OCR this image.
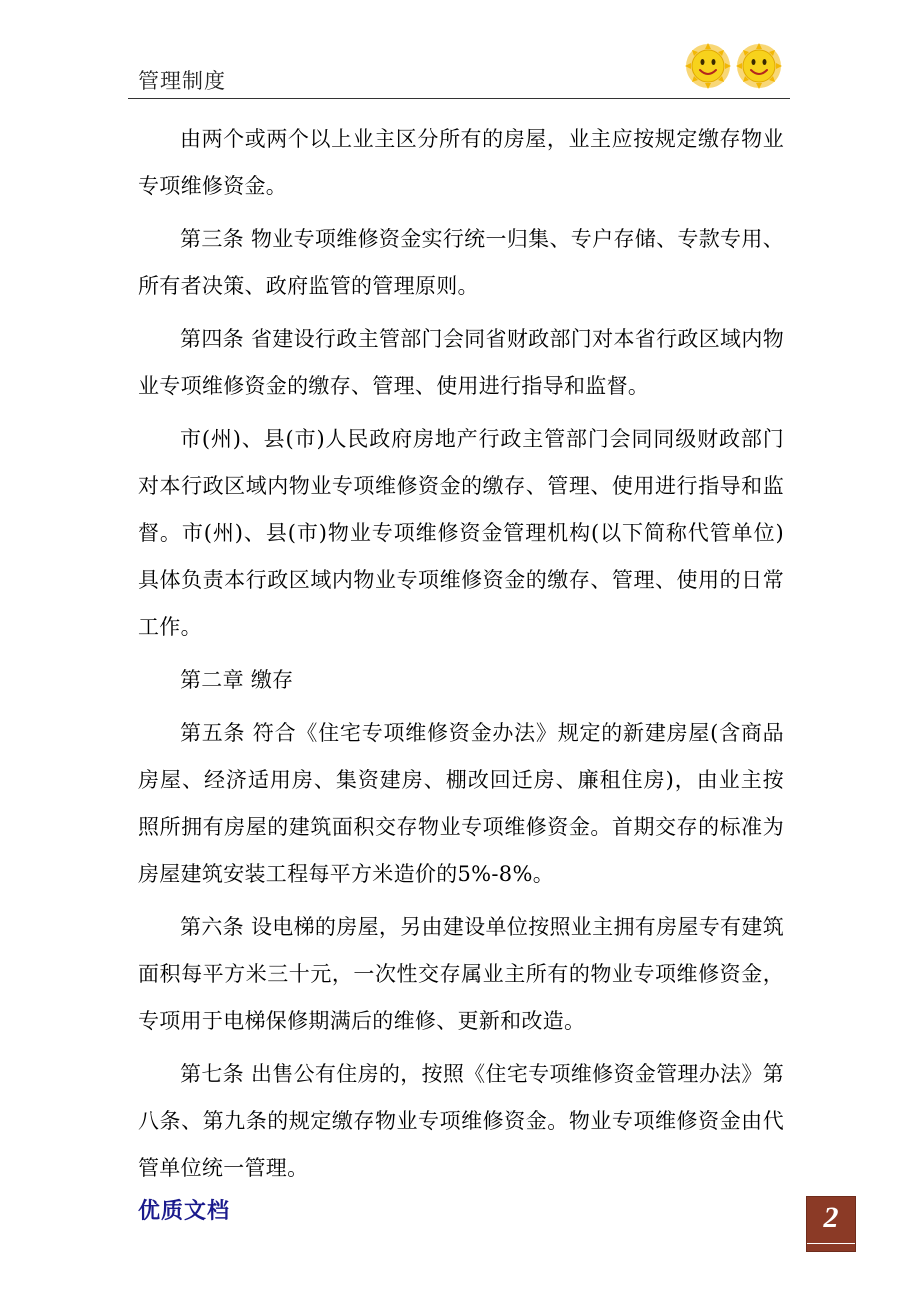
管理制度

由两个或两个以上业主区分所有的房屋，业主应按规定缴存物业专项维修资金。

第三条 物业专项维修资金实行统一归集、专户存储、专款专用、所有者决策、政府监管的管理原则。

第四条 省建设行政主管部门会同省财政部门对本省行政区域内物业专项维修资金的缴存、管理、使用进行指导和监督。

市(州)、县(市)人民政府房地产行政主管部门会同同级财政部门对本行政区域内物业专项维修资金的缴存、管理、使用进行指导和监督。市(州)、县(市)物业专项维修资金管理机构(以下简称代管单位)具体负责本行政区域内物业专项维修资金的缴存、管理、使用的日常工作。

第二章 缴存

第五条 符合《住宅专项维修资金办法》规定的新建房屋(含商品房屋、经济适用房、集资建房、棚改回迁房、廉租住房)，由业主按照所拥有房屋的建筑面积交存物业专项维修资金。首期交存的标准为房屋建筑安装工程每平方米造价的5%-8%。

第六条 设电梯的房屋，另由建设单位按照业主拥有房屋专有建筑面积每平方米三十元，一次性交存属业主所有的物业专项维修资金，专项用于电梯保修期满后的维修、更新和改造。

第七条 出售公有住房的，按照《住宅专项维修资金管理办法》第八条、第九条的规定缴存物业专项维修资金。物业专项维修资金由代管单位统一管理。

优质文档	2
